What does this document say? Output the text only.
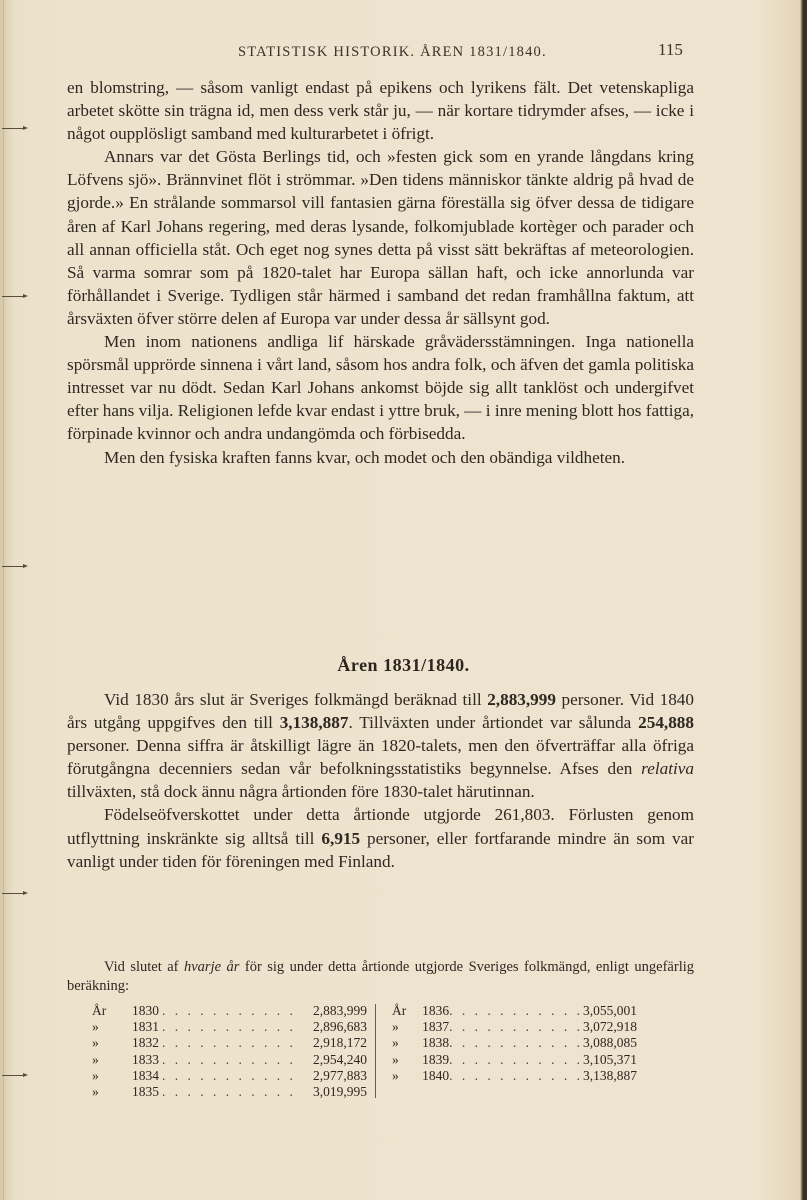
STATISTISK HISTORIK. ÅREN 1831/1840.	115

en blomstring, — såsom vanligt endast på epikens och lyrikens fält. Det vetenskapliga arbetet skötte sin trägna id, men dess verk står ju, — när kortare tidrymder afses, — icke i något oupplösligt samband med kulturarbetet i öfrigt.

Annars var det Gösta Berlings tid, och »festen gick som en yrande långdans kring Löfvens sjö». Brännvinet flöt i strömmar. »Den tidens människor tänkte aldrig på hvad de gjorde.» En strålande sommarsol vill fantasien gärna föreställa sig öfver dessa de tidigare åren af Karl Johans regering, med deras lysande, folkomjublade kortèger och parader och all annan officiella ståt. Och eget nog synes detta på visst sätt bekräftas af meteorologien. Så varma somrar som på 1820-talet har Europa sällan haft, och icke annorlunda var förhållandet i Sverige. Tydligen står härmed i samband det redan framhållna faktum, att årsväxten öfver större delen af Europa var under dessa år sällsynt god.

Men inom nationens andliga lif härskade gråvädersstämningen. Inga nationella spörsmål upprörde sinnena i vårt land, såsom hos andra folk, och äfven det gamla politiska intresset var nu dödt. Sedan Karl Johans ankomst böjde sig allt tanklöst och undergifvet efter hans vilja. Religionen lefde kvar endast i yttre bruk, — i inre mening blott hos fattiga, förpinade kvinnor och andra undangömda och förbisedda.

Men den fysiska kraften fanns kvar, och modet och den obändiga vildheten.

Åren 1831/1840.

Vid 1830 års slut är Sveriges folkmängd beräknad till 2,883,999 personer. Vid 1840 års utgång uppgifves den till 3,138,887. Tillväxten under årtiondet var sålunda 254,888 personer. Denna siffra är åtskilligt lägre än 1820-talets, men den öfverträffar alla öfriga förutgångna decenniers sedan vår befolkningsstatistiks begynnelse. Afses den relativa tillväxten, stå dock ännu några årtionden före 1830-talet härutinnan.

Födelseöfverskottet under detta årtionde utgjorde 261,803. Förlusten genom utflyttning inskränkte sig alltså till 6,915 personer, eller fortfarande mindre än som var vanligt under tiden för föreningen med Finland.

Vid slutet af hvarje år för sig under detta årtionde utgjorde Sveriges folkmängd, enligt ungefärlig beräkning:

År	1830 . . . . . . . . . . .	2,883,999
»	1831 . . . . . . . . . . .	2,896,683
»	1832 . . . . . . . . . . .	2,918,172
»	1833 . . . . . . . . . . .	2,954,240
»	1834 . . . . . . . . . . .	2,977,883
»	1835 . . . . . . . . . . .	3,019,995
År	1836 . . . . . . . . . . . 3,055,001
»	1837 . . . . . . . . . . . 3,072,918
»	1838 . . . . . . . . . . . 3,088,085
»	1839 . . . . . . . . . . . 3,105,371
»	1840 . . . . . . . . . . . 3,138,887
